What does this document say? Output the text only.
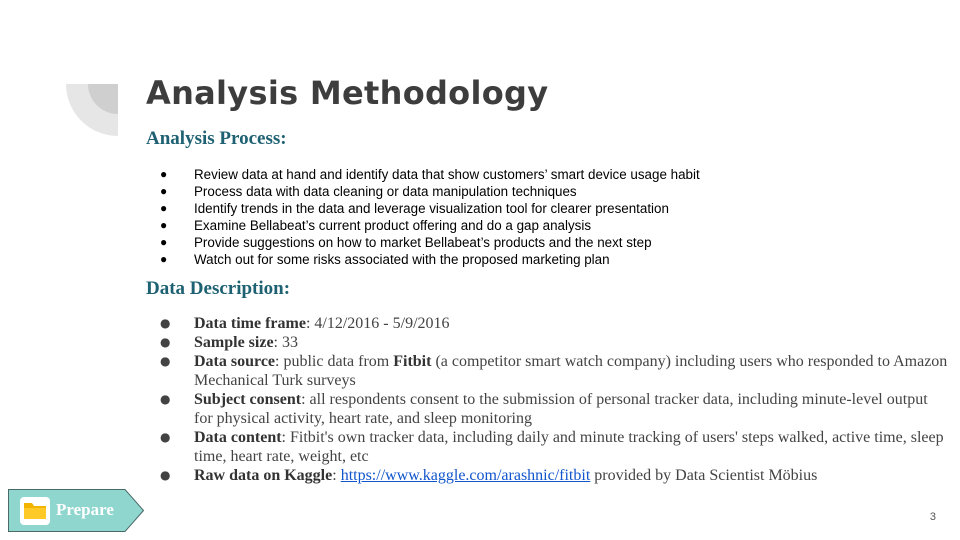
Analysis Methodology
Analysis Process:
● Review data at hand and identify data that show customers’ smart device usage habit
● Process data with data cleaning or data manipulation techniques
● Identify trends in the data and leverage visualization tool for clearer presentation
● Examine Bellabeat’s current product offering and do a gap analysis
● Provide suggestions on how to market Bellabeat’s products and the next step
● Watch out for some risks associated with the proposed marketing plan
Data Description:
● Data time frame: 4/12/2016 - 5/9/2016
● Sample size: 33
● Data source: public data from Fitbit (a competitor smart watch company) including users who responded to Amazon Mechanical Turk surveys
● Subject consent: all respondents consent to the submission of personal tracker data, including minute-level output for physical activity, heart rate, and sleep monitoring
● Data content: Fitbit's own tracker data, including daily and minute tracking of users' steps walked, active time, sleep time, heart rate, weight, etc
● Raw data on Kaggle: https://www.kaggle.com/arashnic/fitbit provided by Data Scientist Möbius
Prepare	3
